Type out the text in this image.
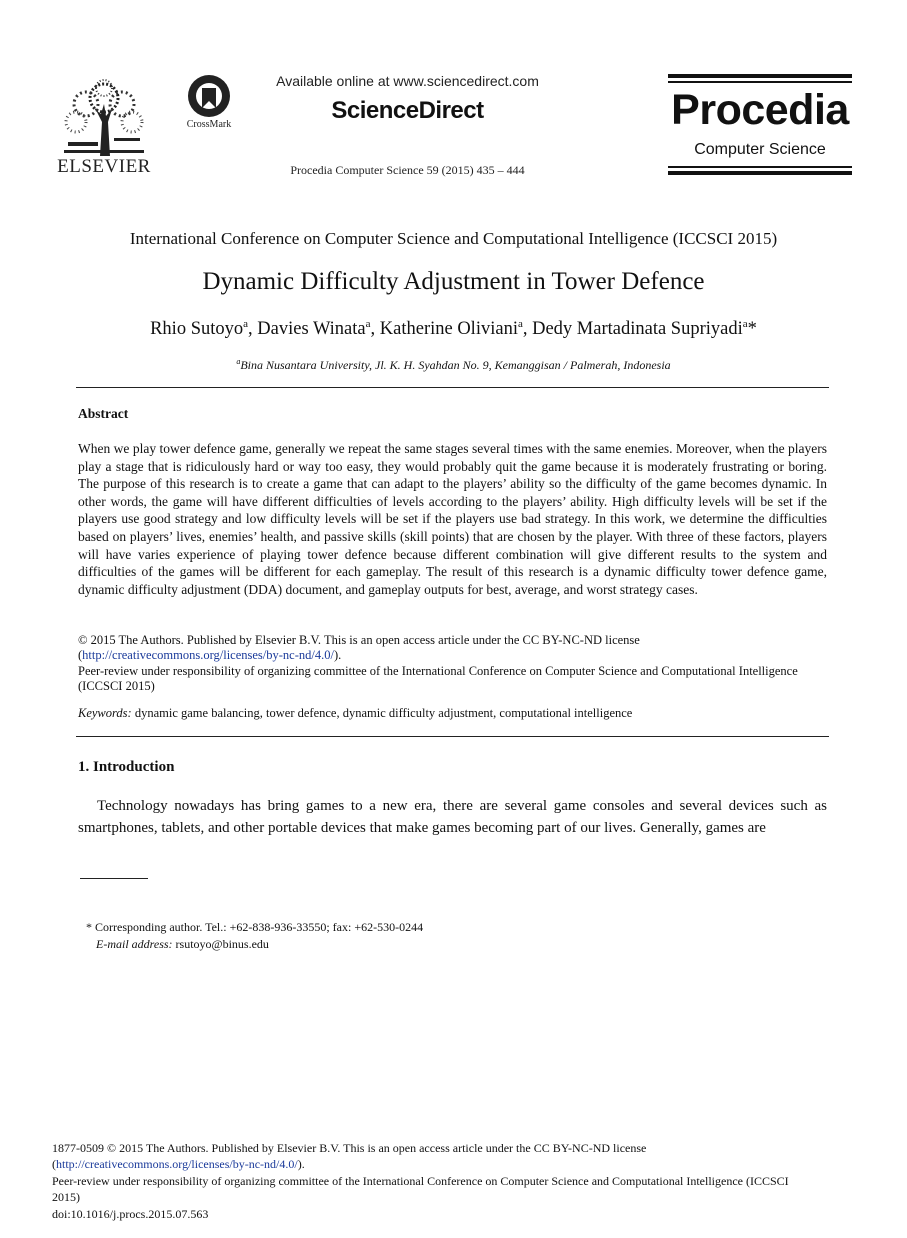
ELSEVIER
CrossMark
Available online at www.sciencedirect.com
ScienceDirect
Procedia Computer Science 59 (2015) 435 – 444
Procedia
Computer Science
International Conference on Computer Science and Computational Intelligence (ICCSCI 2015)
Dynamic Difficulty Adjustment in Tower Defence
Rhio Sutoyo$^a$, Davies Winata$^a$, Katherine Oliviani$^a$, Dedy Martadinata Supriyadi$^a$*
$^a$Bina Nusantara University, Jl. K. H. Syahdan No. 9, Kemanggisan / Palmerah, Indonesia
Abstract
When we play tower defence game, generally we repeat the same stages several times with the same enemies. Moreover, when the players play a stage that is ridiculously hard or way too easy, they would probably quit the game because it is moderately frustrating or boring. The purpose of this research is to create a game that can adapt to the players’ ability so the difficulty of the game becomes dynamic. In other words, the game will have different difficulties of levels according to the players’ ability. High difficulty levels will be set if the players use good strategy and low difficulty levels will be set if the players use bad strategy. In this work, we determine the difficulties based on players’ lives, enemies’ health, and passive skills (skill points) that are chosen by the player. With three of these factors, players will have varies experience of playing tower defence because different combination will give different results to the system and difficulties of the games will be different for each gameplay. The result of this research is a dynamic difficulty tower defence game, dynamic difficulty adjustment (DDA) document, and gameplay outputs for best, average, and worst strategy cases.
© 2015 The Authors. Published by Elsevier B.V. This is an open access article under the CC BY-NC-ND license
(http://creativecommons.org/licenses/by-nc-nd/4.0/).
Peer-review under responsibility of organizing committee of the International Conference on Computer Science and Computational Intelligence (ICCSCI 2015)
Keywords: dynamic game balancing, tower defence, dynamic difficulty adjustment, computational intelligence
1. Introduction
Technology nowadays has bring games to a new era, there are several game consoles and several devices such as smartphones, tablets, and other portable devices that make games becoming part of our lives. Generally, games are
* Corresponding author. Tel.: +62-838-936-33550; fax: +62-530-0244
E-mail address: rsutoyo@binus.edu
1877-0509 © 2015 The Authors. Published by Elsevier B.V. This is an open access article under the CC BY-NC-ND license
(http://creativecommons.org/licenses/by-nc-nd/4.0/).
Peer-review under responsibility of organizing committee of the International Conference on Computer Science and Computational Intelligence (ICCSCI 2015)
doi:10.1016/j.procs.2015.07.563
